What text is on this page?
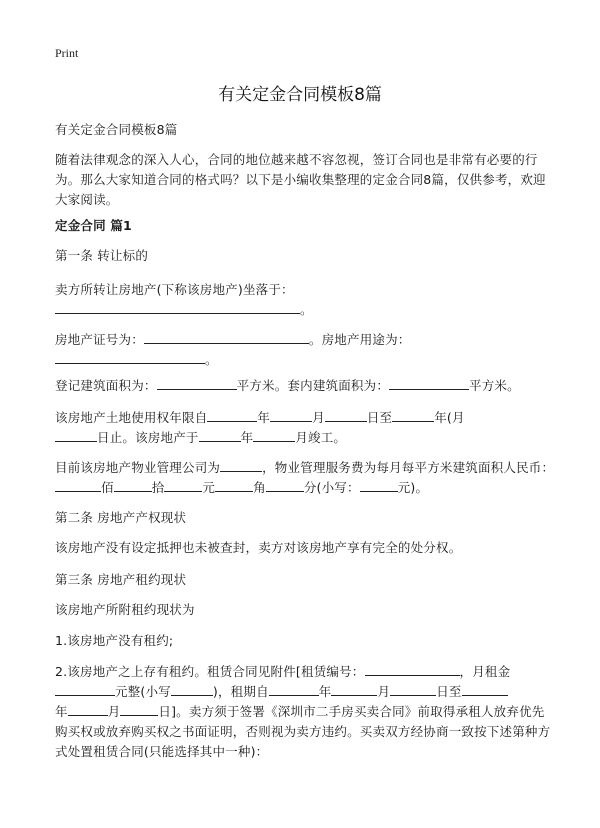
Print
有关定金合同模板8篇
有关定金合同模板8篇
随着法律观念的深入人心，合同的地位越来越不容忽视，签订合同也是非常有必要的行为。那么大家知道合同的格式吗？以下是小编收集整理的定金合同8篇，仅供参考，欢迎大家阅读。
定金合同 篇1
第一条 转让标的
卖方所转让房地产(下称该房地产)坐落于：
。
房地产证号为：	。房地产用途为：
。
登记建筑面积为：	平方米。套内建筑面积为：	平方米。
该房地产土地使用权年限自	年	月	日至	年(月
日止。该房地产于	年	月竣工。
目前该房地产物业管理公司为	，物业管理服务费为每月每平方米建筑面积人民币：佰	拾	元	角	分(小写：	元)。
第二条 房地产产权现状
该房地产没有设定抵押也未被查封，卖方对该房地产享有完全的处分权。
第三条 房地产租约现状
该房地产所附租约现状为
1.该房地产没有租约;
2.该房地产之上存有租约。租赁合同见附件[租赁编号：	，月租金
元整(小写	)，租期自	年	月	日至
年	月	日]。卖方须于签署《深圳市二手房买卖合同》前取得承租人放弃优先购买权或放弃购买权之书面证明，否则视为卖方违约。买卖双方经协商一致按下述第种方式处置租赁合同(只能选择其中一种)：
